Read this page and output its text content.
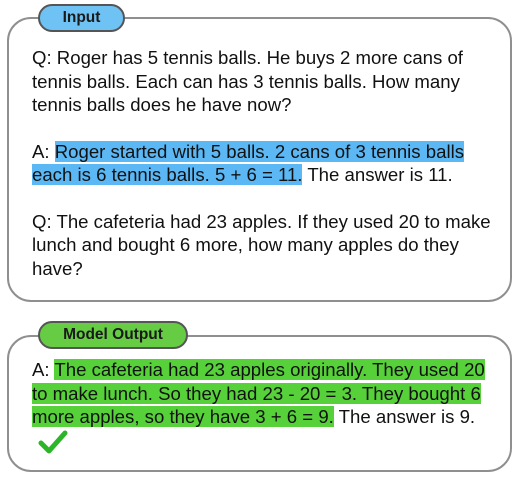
Input

Q: Roger has 5 tennis balls. He buys 2 more cans of tennis balls. Each can has 3 tennis balls. How many tennis balls does he have now?

A: Roger started with 5 balls. 2 cans of 3 tennis balls each is 6 tennis balls. 5 + 6 = 11. The answer is 11.

Q: The cafeteria had 23 apples. If they used 20 to make lunch and bought 6 more, how many apples do they have?

Model Output

A: The cafeteria had 23 apples originally. They used 20 to make lunch. So they had 23 - 20 = 3. They bought 6 more apples, so they have 3 + 6 = 9. The answer is 9.
